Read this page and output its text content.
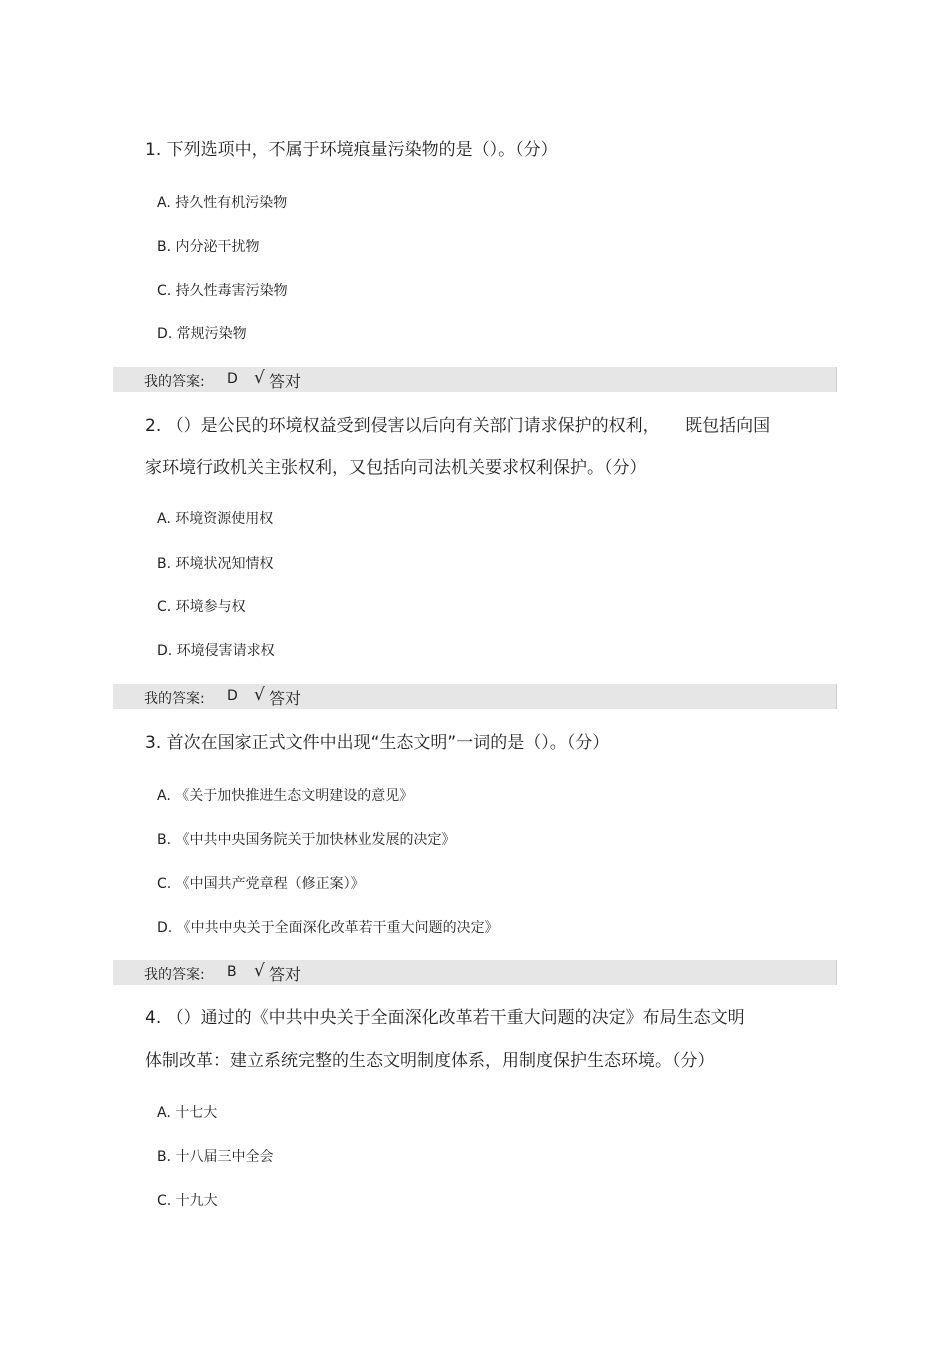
1. 下列选项中，不属于环境痕量污染物的是（）。（分）

A. 持久性有机污染物

B. 内分泌干扰物

C. 持久性毒害污染物

D. 常规污染物

我的答案: D √ 答对

2. （）是公民的环境权益受到侵害以后向有关部门请求保护的权利，　　既包括向国

家环境行政机关主张权利，又包括向司法机关要求权利保护。（分）

A. 环境资源使用权

B. 环境状况知情权

C. 环境参与权

D. 环境侵害请求权

我的答案: D √ 答对

3. 首次在国家正式文件中出现“生态文明”一词的是（）。（分）

A. 《关于加快推进生态文明建设的意见》

B. 《中共中央国务院关于加快林业发展的决定》

C. 《中国共产党章程（修正案）》

D. 《中共中央关于全面深化改革若干重大问题的决定》

我的答案: B √ 答对

4. （）通过的《中共中央关于全面深化改革若干重大问题的决定》布局生态文明

体制改革：建立系统完整的生态文明制度体系，用制度保护生态环境。（分）

A. 十七大

B. 十八届三中全会

C. 十九大
